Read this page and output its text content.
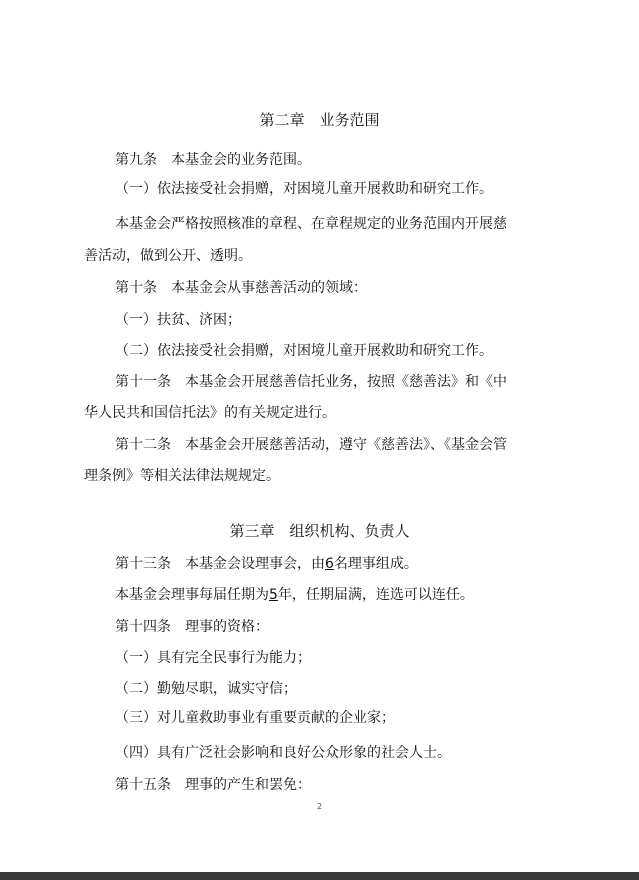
第二章　业务范围
第九条　本基金会的业务范围。
（一）依法接受社会捐赠，对困境儿童开展救助和研究工作。
本基金会严格按照核准的章程、在章程规定的业务范围内开展慈
善活动，做到公开、透明。
第十条　本基金会从事慈善活动的领域：
（一）扶贫、济困；
（二）依法接受社会捐赠，对困境儿童开展救助和研究工作。
第十一条　本基金会开展慈善信托业务，按照《慈善法》和《中
华人民共和国信托法》的有关规定进行。
第十二条　本基金会开展慈善活动，遵守《慈善法》、《基金会管
理条例》等相关法律法规规定。
第三章　组织机构、负责人
第十三条　本基金会设理事会，由6名理事组成。
本基金会理事每届任期为5年，任期届满，连选可以连任。
第十四条　理事的资格：
（一）具有完全民事行为能力；
（二）勤勉尽职，诚实守信；
（三）对儿童救助事业有重要贡献的企业家；
（四）具有广泛社会影响和良好公众形象的社会人士。
第十五条　理事的产生和罢免：
2
